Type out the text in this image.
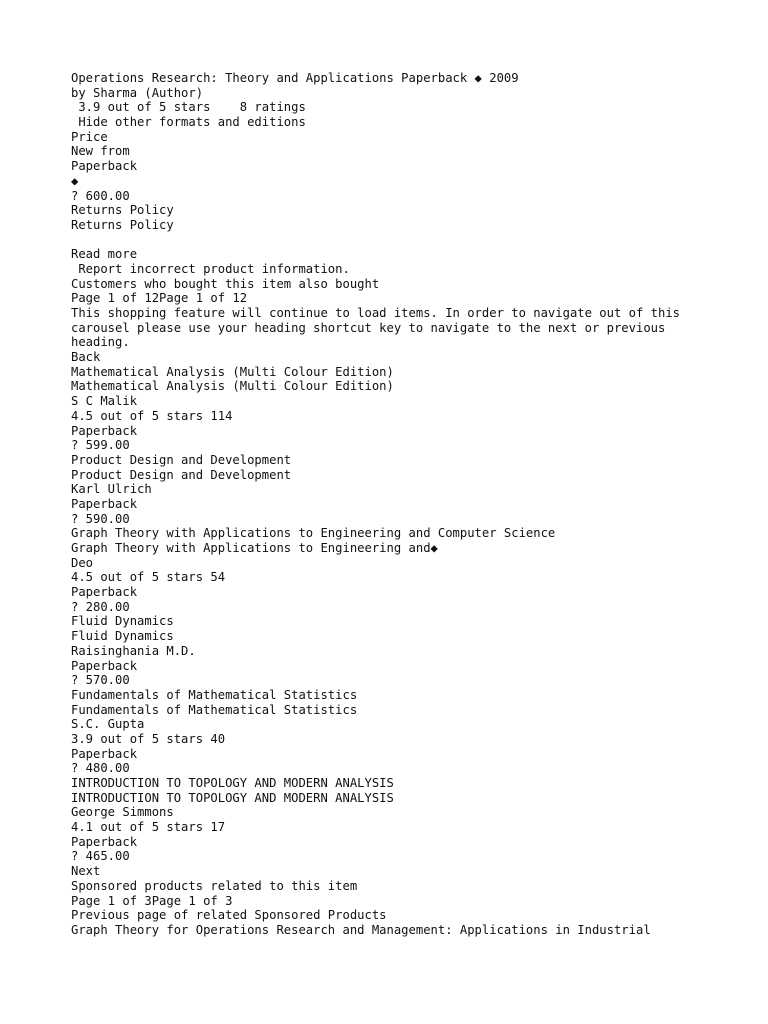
Operations Research: Theory and Applications Paperback ◆ 2009
by Sharma (Author)
3.9 out of 5 stars    8 ratings
Hide other formats and editions
Price
New from
Paperback
◆
? 600.00
Returns Policy
Returns Policy
Read more
Report incorrect product information.
Customers who bought this item also bought
Page 1 of 12Page 1 of 12
This shopping feature will continue to load items. In order to navigate out of this carousel please use your heading shortcut key to navigate to the next or previous heading.
Back
Mathematical Analysis (Multi Colour Edition)
Mathematical Analysis (Multi Colour Edition)
S C Malik
4.5 out of 5 stars 114
Paperback
? 599.00
Product Design and Development
Product Design and Development
Karl Ulrich
Paperback
? 590.00
Graph Theory with Applications to Engineering and Computer Science
Graph Theory with Applications to Engineering and◆
Deo
4.5 out of 5 stars 54
Paperback
? 280.00
Fluid Dynamics
Fluid Dynamics
Raisinghania M.D.
Paperback
? 570.00
Fundamentals of Mathematical Statistics
Fundamentals of Mathematical Statistics
S.C. Gupta
3.9 out of 5 stars 40
Paperback
? 480.00
INTRODUCTION TO TOPOLOGY AND MODERN ANALYSIS
INTRODUCTION TO TOPOLOGY AND MODERN ANALYSIS
George Simmons
4.1 out of 5 stars 17
Paperback
? 465.00
Next
Sponsored products related to this item
Page 1 of 3Page 1 of 3
Previous page of related Sponsored Products
Graph Theory for Operations Research and Management: Applications in Industrial
